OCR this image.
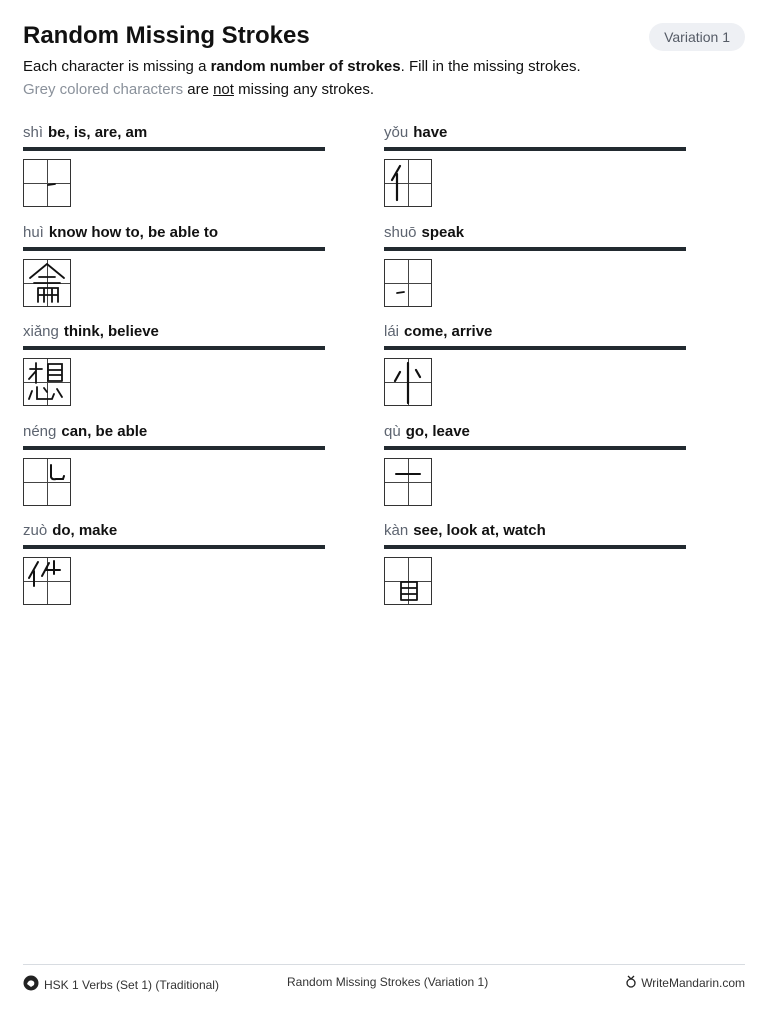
Random Missing Strokes	Variation 1
Each character is missing a random number of strokes. Fill in the missing strokes.
Grey colored characters are not missing any strokes.
shì be, is, are, am	yǒu have
huì know how to, be able to	shuō speak
xiǎng think, believe	lái come, arrive
néng can, be able	qù go, leave
zuò do, make	kàn see, look at, watch
HSK 1 Verbs (Set 1) (Traditional)	Random Missing Strokes (Variation 1)	WriteMandarin.com
